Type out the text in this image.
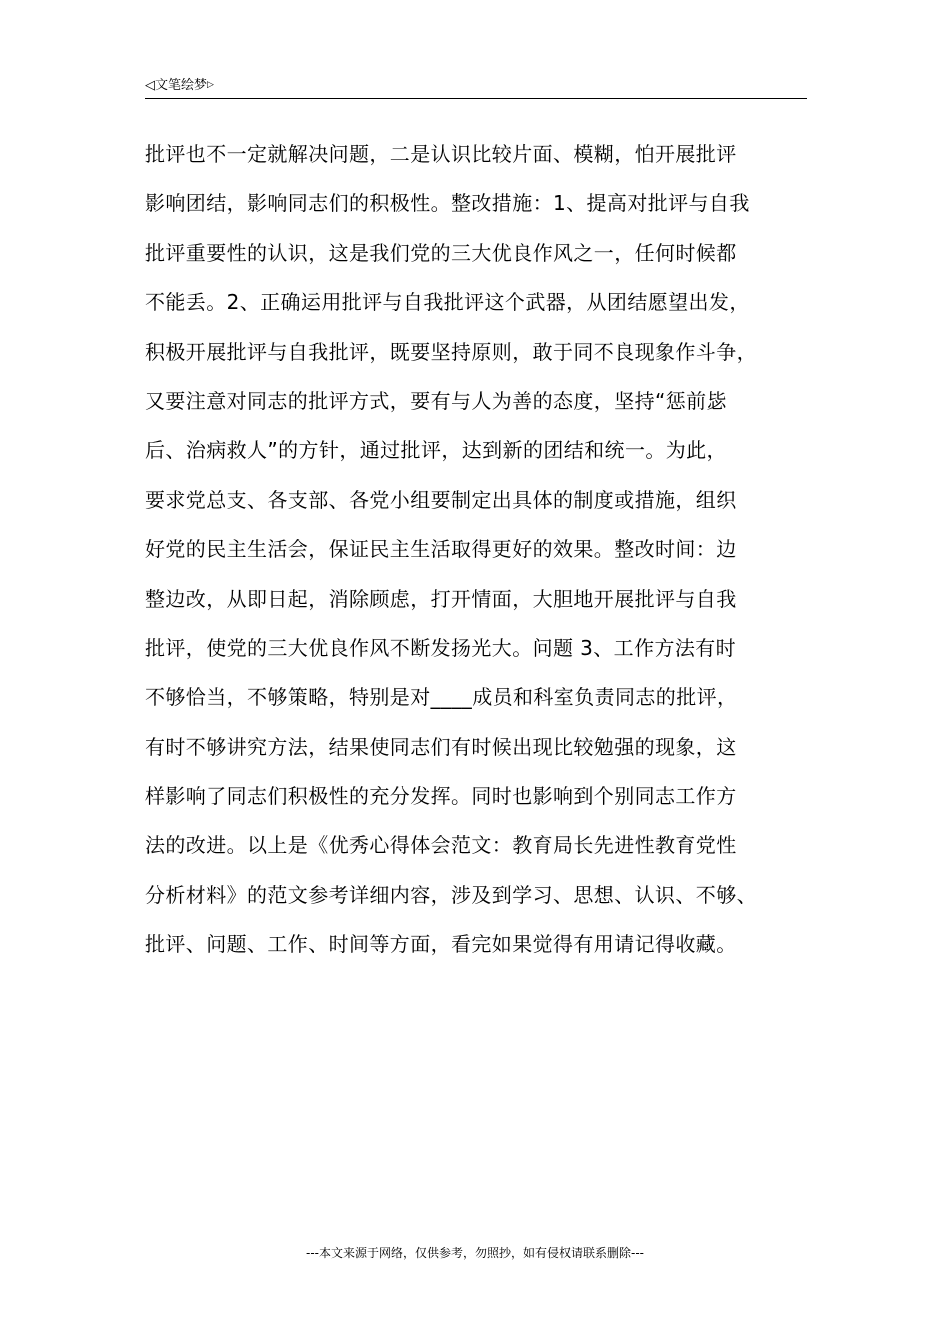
◁文笔绘梦▷
批评也不一定就解决问题，二是认识比较片面、模糊，怕开展批评
影响团结，影响同志们的积极性。整改措施：1、提高对批评与自我
批评重要性的认识，这是我们党的三大优良作风之一，任何时候都
不能丢。2、正确运用批评与自我批评这个武器，从团结愿望出发，
积极开展批评与自我批评，既要坚持原则，敢于同不良现象作斗争，
又要注意对同志的批评方式，要有与人为善的态度，坚持“惩前毖
后、治病救人”的方针，通过批评，达到新的团结和统一。为此，
要求党总支、各支部、各党小组要制定出具体的制度或措施，组织
好党的民主生活会，保证民主生活取得更好的效果。整改时间：边
整边改，从即日起，消除顾虑，打开情面，大胆地开展批评与自我
批评，使党的三大优良作风不断发扬光大。问题 3、工作方法有时
不够恰当，不够策略，特别是对____成员和科室负责同志的批评，
有时不够讲究方法，结果使同志们有时候出现比较勉强的现象，这
样影响了同志们积极性的充分发挥。同时也影响到个别同志工作方
法的改进。以上是《优秀心得体会范文：教育局长先进性教育党性
分析材料》的范文参考详细内容，涉及到学习、思想、认识、不够、
批评、问题、工作、时间等方面，看完如果觉得有用请记得收藏。
---本文来源于网络，仅供参考，勿照抄，如有侵权请联系删除---
